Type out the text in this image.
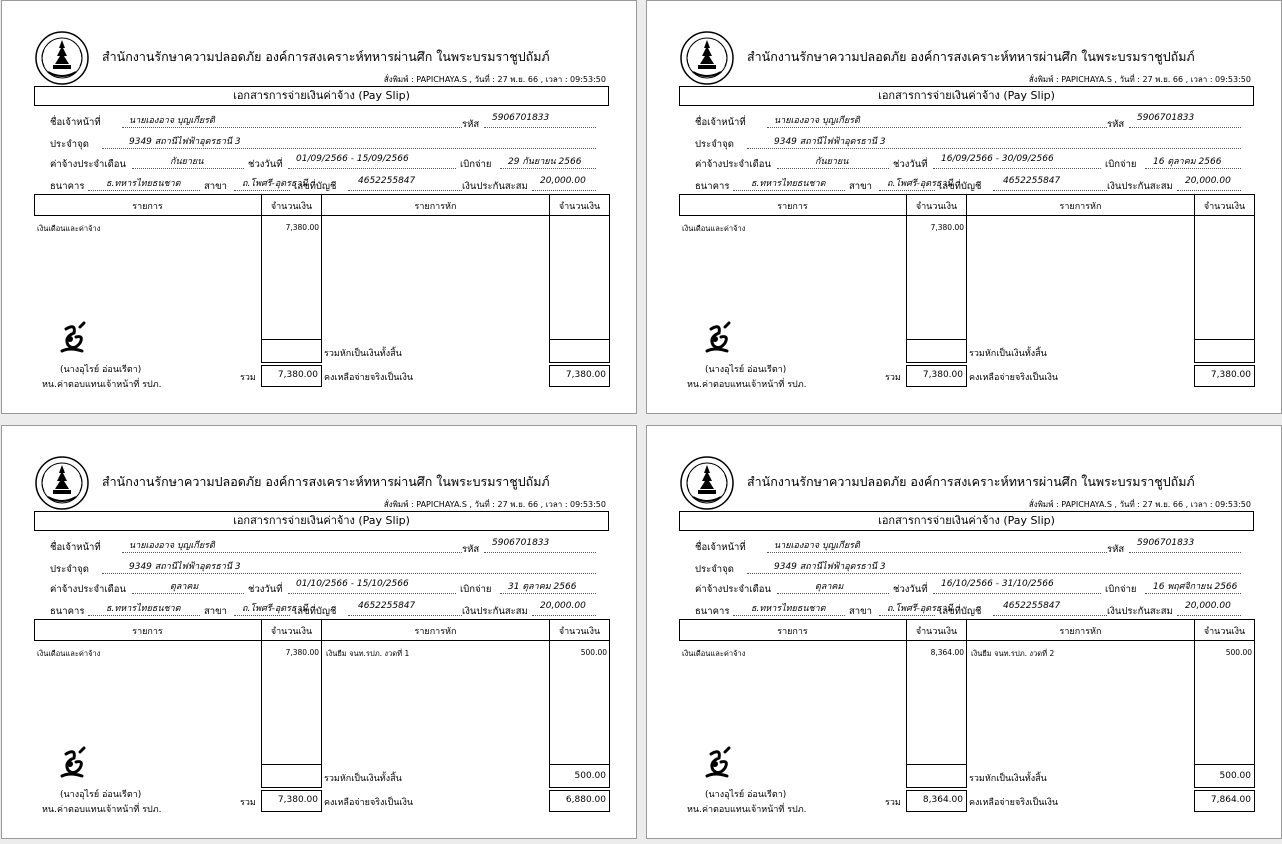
สำนักงานรักษาความปลอดภัย องค์การสงเคราะห์ทหารผ่านศึก ในพระบรมราชูปถัมภ์
สั่งพิมพ์ : PAPICHAYA.S , วันที่ : 27 พ.ย. 66 , เวลา : 09:53:50
เอกสารการจ่ายเงินค่าจ้าง (Pay Slip)
ชื่อเจ้าหน้าที่	นายเองอาจ บุญเกียรติ	รหัส
5906701833
ประจำจุด	9349 สถานีไฟฟ้าอุดรธานี 3
ค่าจ้างประจำเดือน	กันยายน	ช่วงวันที่ 01/09/2566 - 15/09/2566	เบิกจ่าย 29 กันยายน 2566
ธนาคาร ธ.ทหารไทยธนชาต สาขา ถ.โพศรี-อุดรธานี
เลขที่บัญชี 4652255847	เงินประกันสะสม 20,000.00
รายการ	จำนวนเงิน	รายการหัก	จำนวนเงิน
เงินเดือนและค่าจ้าง	7,380.00
รวมหักเป็นเงินทั้งสิ้น
รวม	7,380.00 คงเหลือจ่ายจริงเป็นเงิน	7,380.00
(นางอุไรย์ อ่อนเรีตา)
หน.ค่าตอบแทนเจ้าหน้าที่ รปภ.
สำนักงานรักษาความปลอดภัย องค์การสงเคราะห์ทหารผ่านศึก ในพระบรมราชูปถัมภ์
สั่งพิมพ์ : PAPICHAYA.S , วันที่ : 27 พ.ย. 66 , เวลา : 09:53:50
เอกสารการจ่ายเงินค่าจ้าง (Pay Slip)
ชื่อเจ้าหน้าที่	นายเองอาจ บุญเกียรติ	รหัส
5906701833
ประจำจุด	9349 สถานีไฟฟ้าอุดรธานี 3
ค่าจ้างประจำเดือน	กันยายน	ช่วงวันที่ 16/09/2566 - 30/09/2566	เบิกจ่าย 16 ตุลาคม 2566
ธนาคาร ธ.ทหารไทยธนชาต สาขา ถ.โพศรี-อุดรธานี
เลขที่บัญชี 4652255847	เงินประกันสะสม 20,000.00
รายการ	จำนวนเงิน	รายการหัก	จำนวนเงิน
เงินเดือนและค่าจ้าง	7,380.00
รวมหักเป็นเงินทั้งสิ้น
รวม	7,380.00 คงเหลือจ่ายจริงเป็นเงิน	7,380.00
(นางอุไรย์ อ่อนเรีตา)
หน.ค่าตอบแทนเจ้าหน้าที่ รปภ.
สำนักงานรักษาความปลอดภัย องค์การสงเคราะห์ทหารผ่านศึก ในพระบรมราชูปถัมภ์
สั่งพิมพ์ : PAPICHAYA.S , วันที่ : 27 พ.ย. 66 , เวลา : 09:53:50
เอกสารการจ่ายเงินค่าจ้าง (Pay Slip)
ชื่อเจ้าหน้าที่	นายเองอาจ บุญเกียรติ	รหัส
5906701833
ประจำจุด	9349 สถานีไฟฟ้าอุดรธานี 3
ค่าจ้างประจำเดือน	ตุลาคม	ช่วงวันที่ 01/10/2566 - 15/10/2566	เบิกจ่าย 31 ตุลาคม 2566
ธนาคาร ธ.ทหารไทยธนชาต สาขา ถ.โพศรี-อุดรธานี
เลขที่บัญชี 4652255847	เงินประกันสะสม 20,000.00
รายการ	จำนวนเงิน	รายการหัก	จำนวนเงิน
เงินเดือนและค่าจ้าง	7,380.00 เงินยืม จนท.รปภ. งวดที่ 1	500.00
รวมหักเป็นเงินทั้งสิ้น	500.00
รวม	7,380.00 คงเหลือจ่ายจริงเป็นเงิน	6,880.00
(นางอุไรย์ อ่อนเรีตา)
หน.ค่าตอบแทนเจ้าหน้าที่ รปภ.
สำนักงานรักษาความปลอดภัย องค์การสงเคราะห์ทหารผ่านศึก ในพระบรมราชูปถัมภ์
สั่งพิมพ์ : PAPICHAYA.S , วันที่ : 27 พ.ย. 66 , เวลา : 09:53:50
เอกสารการจ่ายเงินค่าจ้าง (Pay Slip)
ชื่อเจ้าหน้าที่	นายเองอาจ บุญเกียรติ	รหัส
5906701833
ประจำจุด	9349 สถานีไฟฟ้าอุดรธานี 3
ค่าจ้างประจำเดือน	ตุลาคม	ช่วงวันที่ 16/10/2566 - 31/10/2566	เบิกจ่าย 16 พฤศจิกายน 2566
ธนาคาร ธ.ทหารไทยธนชาต สาขา ถ.โพศรี-อุดรธานี
เลขที่บัญชี 4652255847	เงินประกันสะสม 20,000.00
รายการ	จำนวนเงิน	รายการหัก	จำนวนเงิน
เงินเดือนและค่าจ้าง	8,364.00 เงินยืม จนท.รปภ. งวดที่ 2	500.00
รวมหักเป็นเงินทั้งสิ้น	500.00
รวม	8,364.00 คงเหลือจ่ายจริงเป็นเงิน	7,864.00
(นางอุไรย์ อ่อนเรีตา)
หน.ค่าตอบแทนเจ้าหน้าที่ รปภ.
